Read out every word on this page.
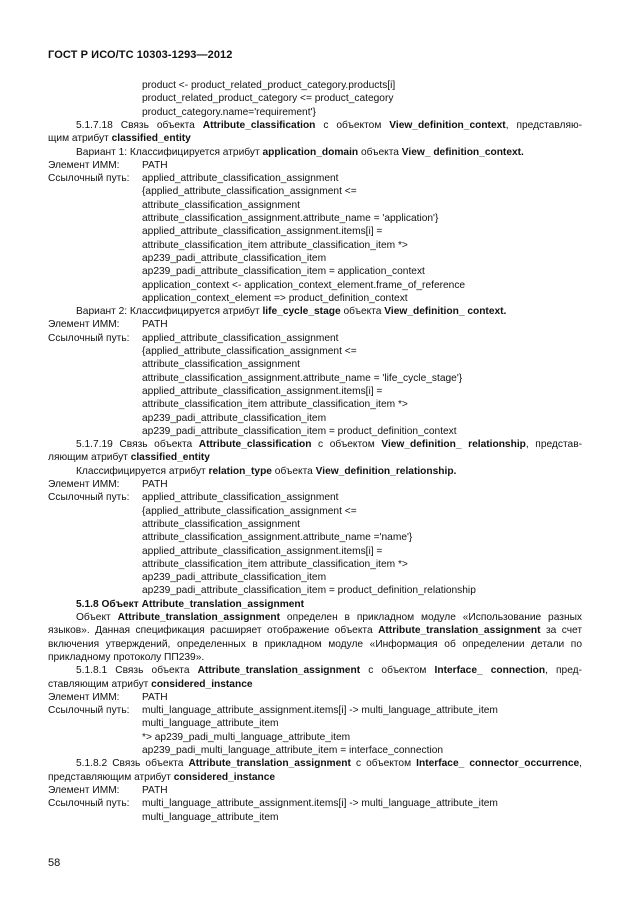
ГОСТ Р ИСО/ТС 10303-1293—2012
product <- product_related_product_category.products[i]
product_related_product_category <= product_category
product_category.name='requirement'}
5.1.7.18 Связь объекта Attribute_classification с объектом View_definition_context, представляю-
щим атрибут classified_entity
Вариант 1: Классифицируется атрибут application_domain объекта View_ definition_context.
Элемент ИММ: PATH
Ссылочный путь: applied_attribute_classification_assignment
{applied_attribute_classification_assignment <=
attribute_classification_assignment
attribute_classification_assignment.attribute_name = 'application'}
applied_attribute_classification_assignment.items[i] =
attribute_classification_item attribute_classification_item *>
ap239_padi_attribute_classification_item
ap239_padi_attribute_classification_item = application_context
application_context <- application_context_element.frame_of_reference
application_context_element => product_definition_context
Вариант 2: Классифицируется атрибут life_cycle_stage объекта View_definition_ context.
Элемент ИММ: PATH
Ссылочный путь: applied_attribute_classification_assignment
{applied_attribute_classification_assignment <=
attribute_classification_assignment
attribute_classification_assignment.attribute_name = 'life_cycle_stage'}
applied_attribute_classification_assignment.items[i] =
attribute_classification_item attribute_classification_item *>
ap239_padi_attribute_classification_item
ap239_padi_attribute_classification_item = product_definition_context
5.1.7.19 Связь объекта Attribute_classification с объектом View_definition_ relationship, представ-
ляющим атрибут classified_entity
Классифицируется атрибут relation_type объекта View_definition_relationship.
Элемент ИММ: PATH
Ссылочный путь: applied_attribute_classification_assignment
{applied_attribute_classification_assignment <=
attribute_classification_assignment
attribute_classification_assignment.attribute_name ='name'}
applied_attribute_classification_assignment.items[i] =
attribute_classification_item attribute_classification_item *>
ap239_padi_attribute_classification_item
ap239_padi_attribute_classification_item = product_definition_relationship
5.1.8 Объект Attribute_translation_assignment
Объект Attribute_translation_assignment определен в прикладном модуле «Использование разных
языков». Данная спецификация расширяет отображение объекта Attribute_translation_assignment за счет
включения утверждений, определенных в прикладном модуле «Информация об определении детали по
прикладному протоколу ПП239».
5.1.8.1 Связь объекта Attribute_translation_assignment с объектом Interface_ connection, пред-
ставляющим атрибут considered_instance
Элемент ИММ: PATH
Ссылочный путь: multi_language_attribute_assignment.items[i] -> multi_language_attribute_item
multi_language_attribute_item
*> ap239_padi_multi_language_attribute_item
ap239_padi_multi_language_attribute_item = interface_connection
5.1.8.2 Связь объекта Attribute_translation_assignment с объектом Interface_ connector_occurrence,
представляющим атрибут considered_instance
Элемент ИММ: PATH
Ссылочный путь: multi_language_attribute_assignment.items[i] -> multi_language_attribute_item
multi_language_attribute_item
58
